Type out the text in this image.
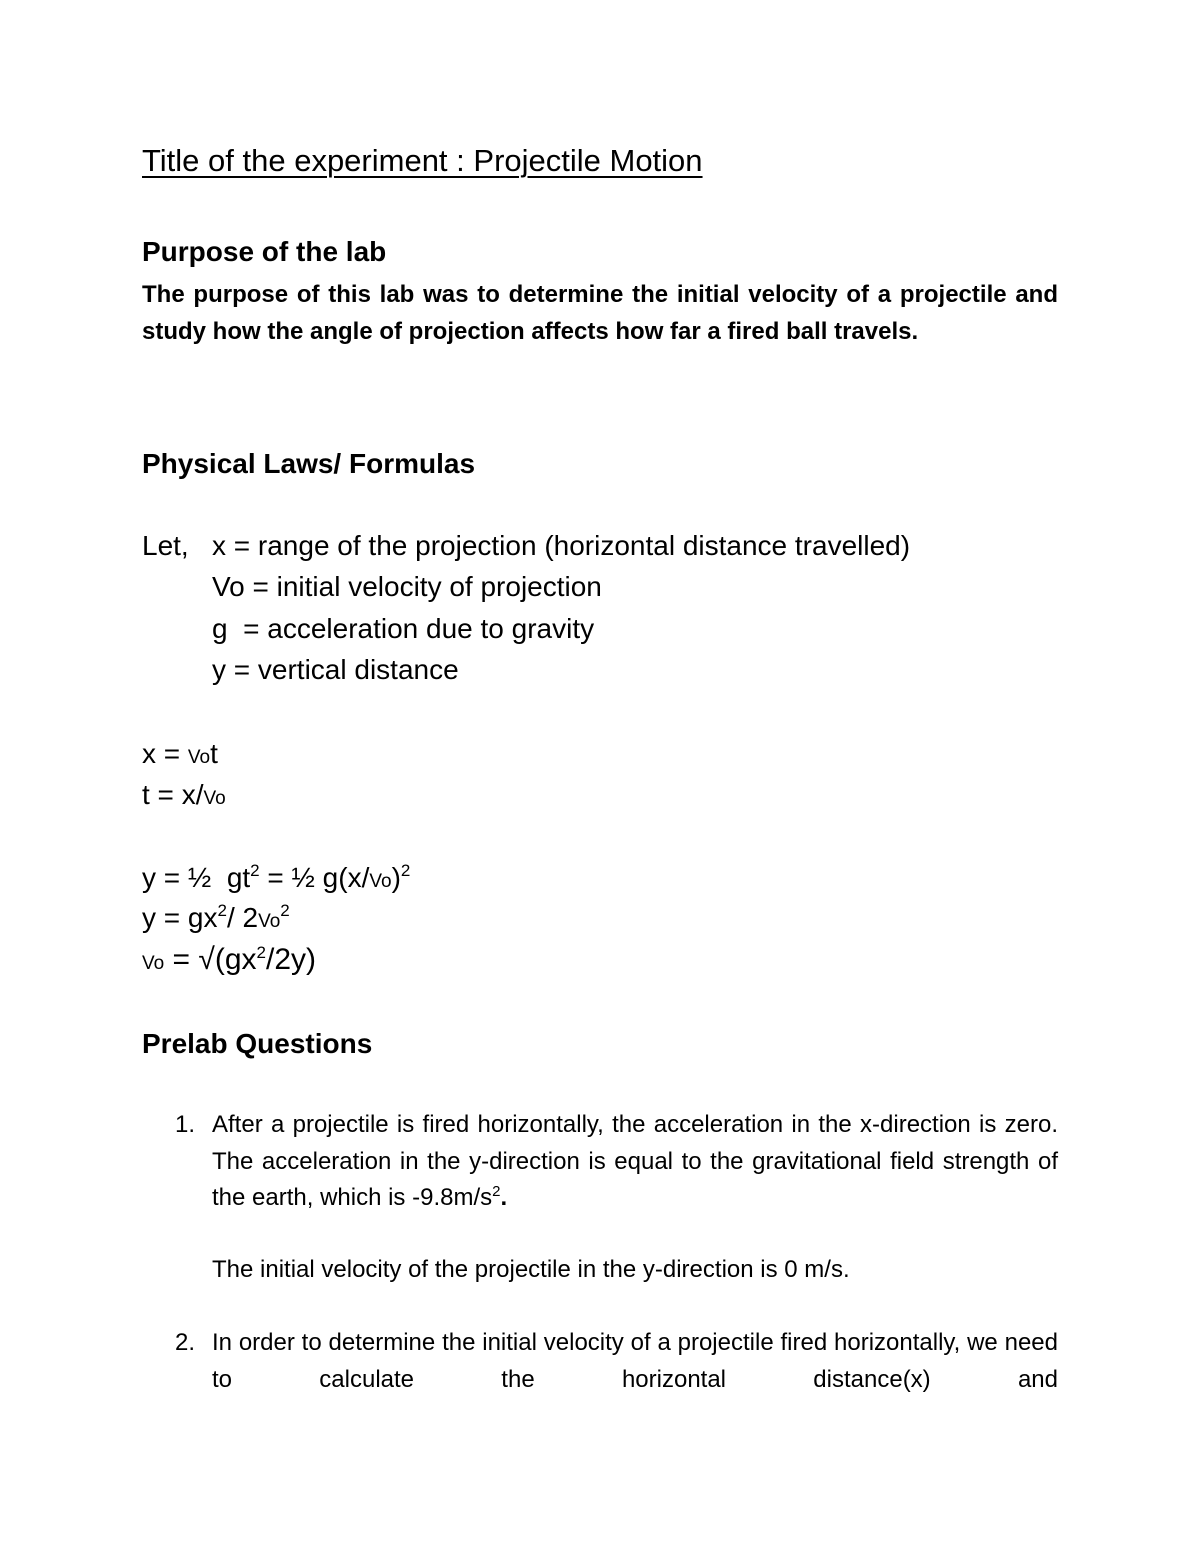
Title of the experiment : Projectile Motion
Purpose of the lab
The purpose of this lab was to determine the initial velocity of a projectile and study how the angle of projection affects how far a fired ball travels.
Physical Laws/ Formulas
Let, x = range of the projection (horizontal distance travelled)
Vo = initial velocity of projection
g  = acceleration due to gravity
y = vertical distance
x = Vot
t = x/Vo
y = ½  $gt^2$ = ½ $g(x/Vo)^2$
$y = gx^2/$ 2Vo$^2$
$Vo = √(gx^2/2y)$
Prelab Questions
1. After a projectile is fired horizontally, the acceleration in the x-direction is zero. The acceleration in the y-direction is equal to the gravitational field strength of the earth, which is $-9.8m/s^2$.
The initial velocity of the projectile in the y-direction is 0 m/s.
2. In order to determine the initial velocity of a projectile fired horizontally, we need to calculate the horizontal distance(x) and
